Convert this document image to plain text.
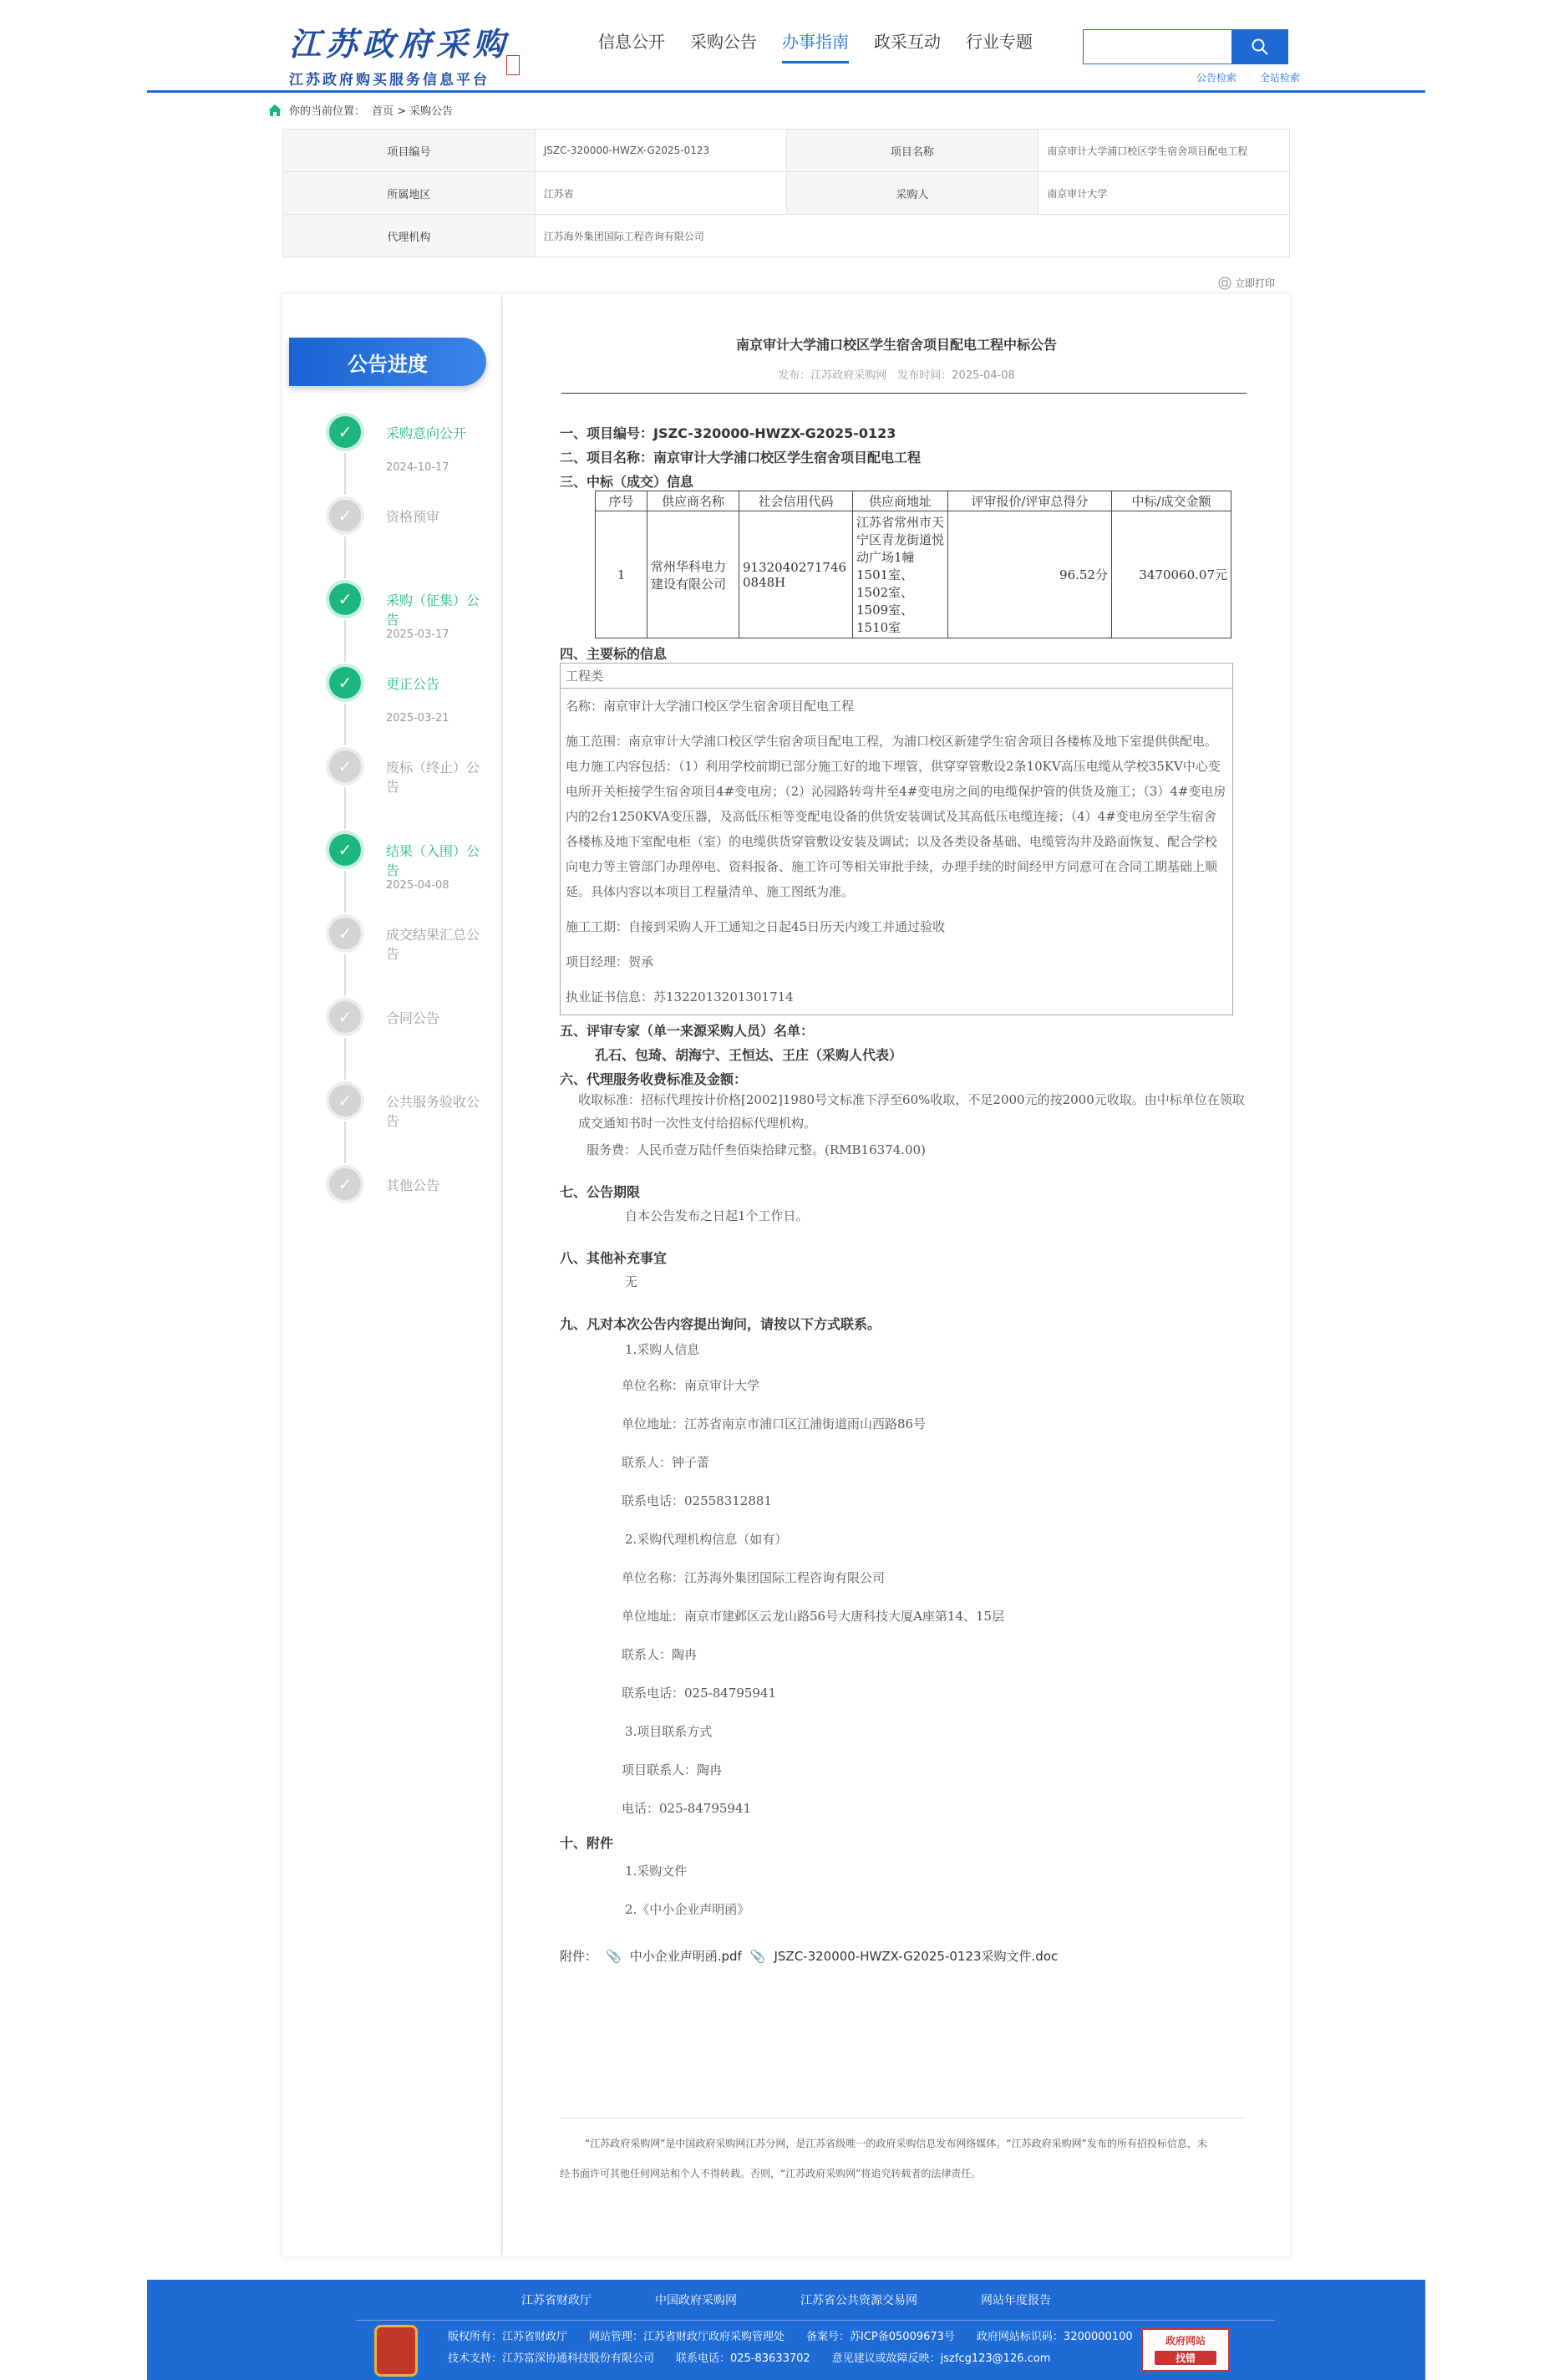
江苏政府采购
江苏政府购买服务信息平台
信息公开 采购公告 办事指南 政采互动 行业专题
公告检索 全站检索
你的当前位置： 首页 > 采购公告
项目编号	JSZC-320000-HWZX-G2025-0123	项目名称	南京审计大学浦口校区学生宿舍项目配电工程
所属地区	江苏省	采购人	南京审计大学
代理机构	江苏海外集团国际工程咨询有限公司		
立即打印
公告进度
✓	采购意向公开
2024-10-17
✓	资格预审
✓	采购（征集）公告
2025-03-17
✓	更正公告
2025-03-21
✓	废标（终止）公告
✓	结果（入围）公告
2025-04-08
✓	成交结果汇总公告
✓	合同公告
✓	公共服务验收公告
✓	其他公告
南京审计大学浦口校区学生宿舍项目配电工程中标公告
发布：江苏政府采购网　发布时间：2025-04-08
一、项目编号：JSZC-320000-HWZX-G2025-0123
二、项目名称：南京审计大学浦口校区学生宿舍项目配电工程
三、中标（成交）信息
序号	供应商名称	社会信用代码	供应商地址	评审报价/评审总得分	中标/成交金额
1	常州华科电力建设有限公司	91320402717460848H	江苏省常州市天宁区青龙街道悦动广场1幢1501室、1502室、1509室、1510室	96.52分	3470060.07元
四、主要标的信息
工程类

名称：南京审计大学浦口校区学生宿舍项目配电工程

施工范围：南京审计大学浦口校区学生宿舍项目配电工程，为浦口校区新建学生宿舍项目各楼栋及地下室提供供配电。电力施工内容包括：（1）利用学校前期已部分施工好的地下埋管，供穿穿管敷设2条10KV高压电缆从学校35KV中心变电所开关柜接学生宿舍项目4#变电房；（2）沁园路转弯井至4#变电房之间的电缆保护管的供货及施工；（3）4#变电房内的2台1250KVA变压器，及高低压柜等变配电设备的供货安装调试及其高低压电缆连接；（4）4#变电房至学生宿舍各楼栋及地下室配电柜（室）的电缆供货穿管敷设安装及调试；以及各类设备基础、电缆管沟井及路面恢复、配合学校向电力等主管部门办理停电、资料报备、施工许可等相关审批手续，办理手续的时间经甲方同意可在合同工期基础上顺延。具体内容以本项目工程量清单、施工图纸为准。

施工工期：自接到采购人开工通知之日起45日历天内竣工并通过验收

项目经理：贺承

执业证书信息：苏1322013201301714

五、评审专家（单一来源采购人员）名单：
孔石、包琦、胡海宁、王恒达、王庄（采购人代表）
六、代理服务收费标准及金额：
收取标准：招标代理按计价格[2002]1980号文标准下浮至60%收取，不足2000元的按2000元收取。由中标单位在领取成交通知书时一次性支付给招标代理机构。
服务费：人民币壹万陆仟叁佰柒拾肆元整。(RMB16374.00)
七、公告期限
自本公告发布之日起1个工作日。
八、其他补充事宜
无
九、凡对本次公告内容提出询问，请按以下方式联系。
1.采购人信息
单位名称：南京审计大学
单位地址：江苏省南京市浦口区江浦街道雨山西路86号
联系人：钟子蕾
联系电话：02558312881
2.采购代理机构信息（如有）
单位名称：江苏海外集团国际工程咨询有限公司
单位地址：南京市建邺区云龙山路56号大唐科技大厦A座第14、15层
联系人：陶冉
联系电话：025-84795941
3.项目联系方式
项目联系人：陶冉
电话：025-84795941
十、附件
1.采购文件
2.《中小企业声明函》
附件： 📎 中小企业声明函.pdf 📎 JSZC-320000-HWZX-G2025-0123采购文件.doc
“江苏政府采购网”是中国政府采购网江苏分网，是江苏省级唯一的政府采购信息发布网络媒体。“江苏政府采购网”发布的所有招投标信息，未
经书面许可其他任何网站和个人不得转载。否则，“江苏政府采购网”将追究转载者的法律责任。
江苏省财政厅	中国政府采购网	江苏省公共资源交易网	网站年度报告
版权所有：江苏省财政厅　　网站管理：江苏省财政厅政府采购管理处　　备案号：苏ICP备05009673号　　政府网站标识码：3200000100
技术支持：江苏富深协通科技股份有限公司　　联系电话：025-83633702　　意见建议或故障反映：jszfcg123@126.com
政府网站
找错
